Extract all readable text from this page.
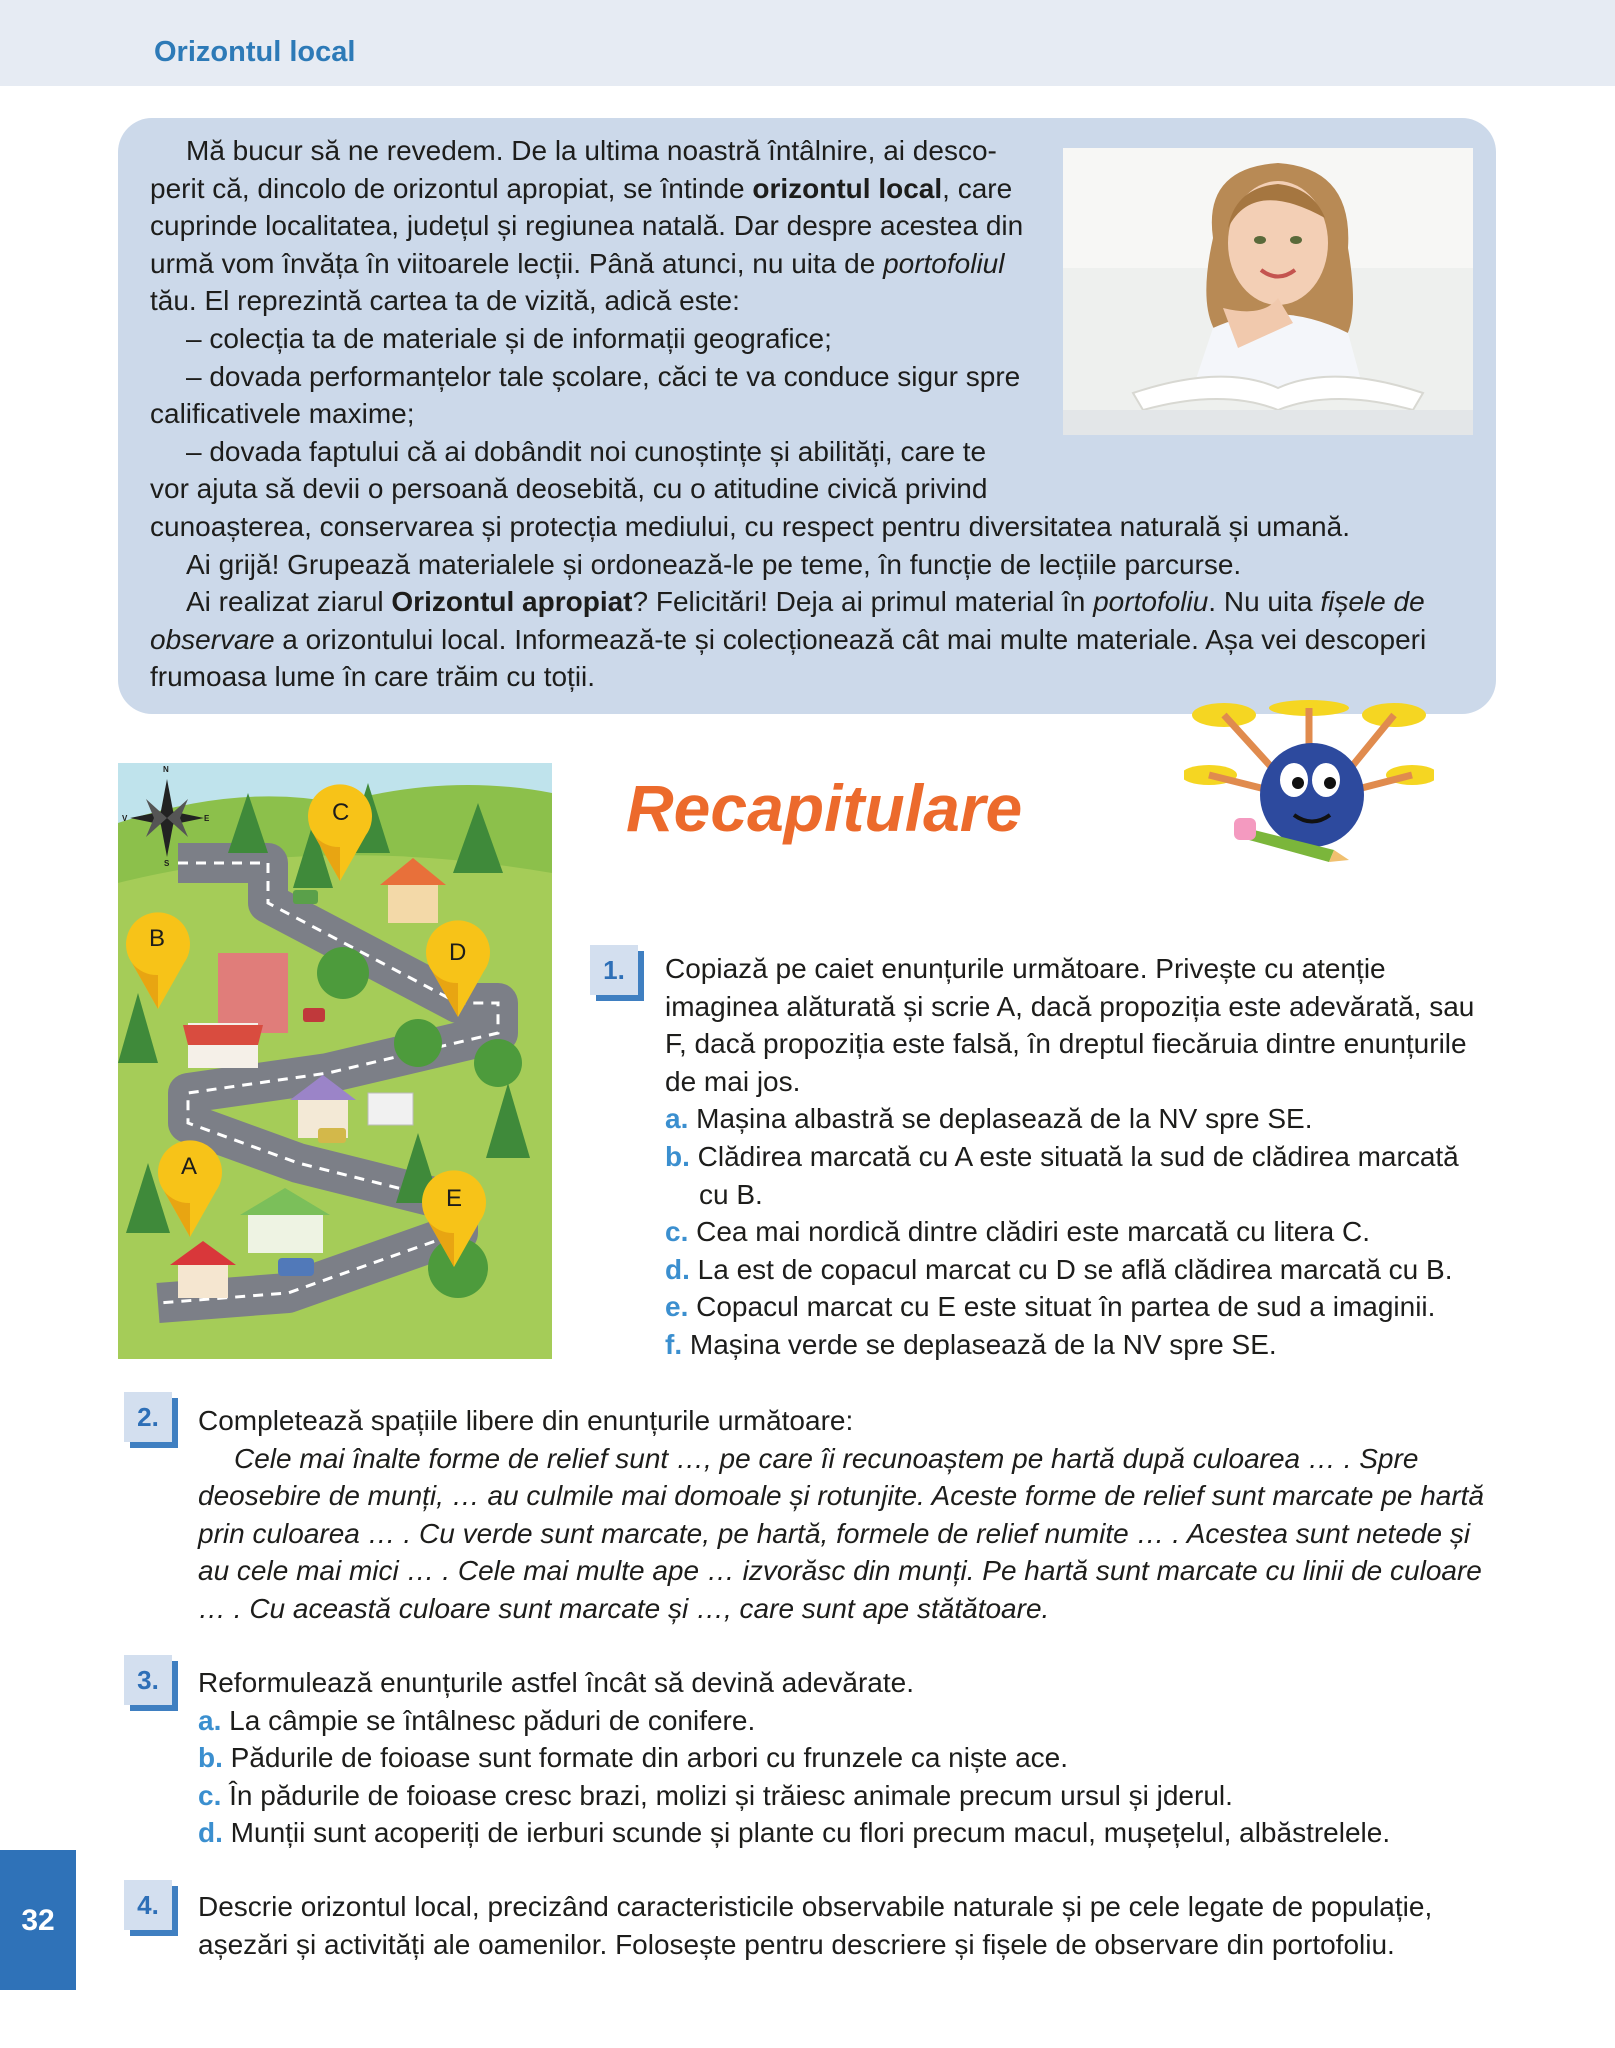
Orizontul local

Mă bucur să ne revedem. De la ultima noastră întâlnire, ai desco-

perit că, dincolo de orizontul apropiat, se întinde orizontul local, care

cuprinde localitatea, județul și regiunea natală. Dar despre acestea din

urmă vom învăța în viitoarele lecții. Până atunci, nu uita de portofoliul

tău. El reprezintă cartea ta de vizită, adică este:

– colecția ta de materiale și de informații geografice;

– dovada performanțelor tale școlare, căci te va conduce sigur spre

calificativele maxime;

– dovada faptului că ai dobândit noi cunoștințe și abilități, care te

vor ajuta să devii o persoană deosebită, cu o atitudine civică privind

cunoașterea, conservarea și protecția mediului, cu respect pentru diversitatea naturală și umană.

Ai grijă! Grupează materialele și ordonează-le pe teme, în funcție de lecțiile parcurse.

Ai realizat ziarul Orizontul apropiat? Felicitări! Deja ai primul material în portofoliu. Nu uita fișele de observare a orizontului local. Informează-te și colecționează cât mai multe materiale. Așa vei descoperi frumoasa lume în care trăim cu toții.

N
S
E
V	C
B
D
A
E
Recapitulare
1.	Copiază pe caiet enunțurile următoare. Privește cu atenție imaginea alăturată și scrie A, dacă propoziția este adevărată, sau F, dacă propoziția este falsă, în dreptul fiecăruia dintre enunțurile de mai jos.

a. Mașina albastră se deplasează de la NV spre SE.

b. Clădirea marcată cu A este situată la sud de clădirea marcată cu B.

c. Cea mai nordică dintre clădiri este marcată cu litera C.

d. La est de copacul marcat cu D se află clădirea marcată cu B.

e. Copacul marcat cu E este situat în partea de sud a imaginii.

f. Mașina verde se deplasează de la NV spre SE.

2.	Completează spațiile libere din enunțurile următoare:

Cele mai înalte forme de relief sunt …, pe care îi recunoaștem pe hartă după culoarea … . Spre deosebire de munți, … au culmile mai domoale și rotunjite. Aceste forme de relief sunt marcate pe hartă prin culoarea … . Cu verde sunt marcate, pe hartă, formele de relief numite … . Acestea sunt netede și au cele mai mici … . Cele mai multe ape … izvorăsc din munți. Pe hartă sunt marcate cu linii de culoare … . Cu această culoare sunt marcate și …, care sunt ape stătătoare.

3.	Reformulează enunțurile astfel încât să devină adevărate.

a. La câmpie se întâlnesc păduri de conifere.

b. Pădurile de foioase sunt formate din arbori cu frunzele ca niște ace.

c. În pădurile de foioase cresc brazi, molizi și trăiesc animale precum ursul și jderul.

d. Munții sunt acoperiți de ierburi scunde și plante cu flori precum macul, mușețelul, albăstrelele.

4.	Descrie orizontul local, precizând caracteristicile observabile naturale și pe cele legate de populație, așezări și activități ale oamenilor. Folosește pentru descriere și fișele de observare din portofoliu.

32
